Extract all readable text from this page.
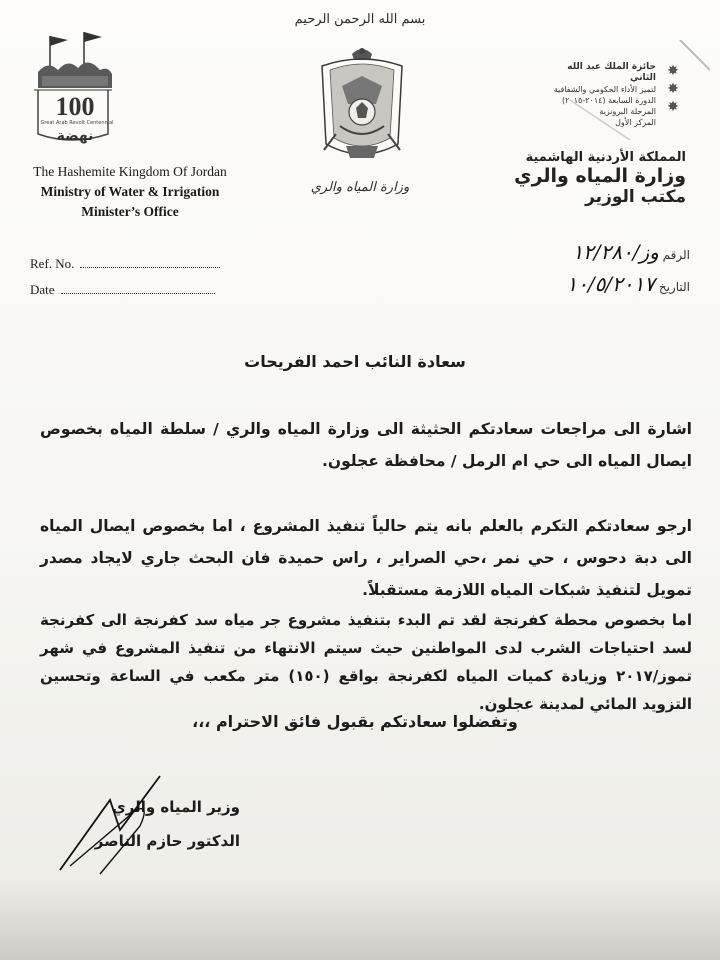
بسم الله الرحمن الرحيم
100
Great Arab Revolt Centennial
نهضة
وزارة المياه والري
The Hashemite Kingdom Of Jordan
Ministry of Water & Irrigation
Minister’s Office
Ref. No.
Date
جائزة الملك عبد الله الثاني
لتميز الأداء الحكومي والشفافية
الدورة السابعة (٢٠١٤-٢٠١٥)
المرحلة البرونزية
المركز الأول
✸
✸
✸
المملكة الأردنية الهاشمية
وزارة المياه والري
مكتب الوزير
الرقم وز/١٢/٢٨٠
التاريخ ١٠/٥/٢٠١٧
سعادة النائب احمد الفريحات
اشارة الى مراجعات سعادتكم الحثيثة الى وزارة المياه والري / سلطة المياه بخصوص ايصال المياه الى حي ام الرمل / محافظة عجلون.
ارجو سعادتكم التكرم بالعلم بانه يتم حالياً تنفيذ المشروع ، اما بخصوص ايصال المياه الى دبة دحوس ، حي نمر ،حي الصراير ، راس حميدة فان البحث جاري لايجاد مصدر تمويل لتنفيذ شبكات المياه اللازمة مستقبلاً.
اما بخصوص محطة كفرنجة لقد تم البدء بتنفيذ مشروع جر مياه سد كفرنجة الى كفرنجة لسد احتياجات الشرب لدى المواطنين حيث سيتم الانتهاء من تنفيذ المشروع في شهر تموز/٢٠١٧ وزيادة كميات المياه لكفرنجة بواقع (١٥٠) متر مكعب في الساعة وتحسين التزويد المائي لمدينة عجلون.
وتفضلوا سعادتكم بقبول فائق الاحترام ،،،
وزير المياه والري
الدكتور حازم الناصر
